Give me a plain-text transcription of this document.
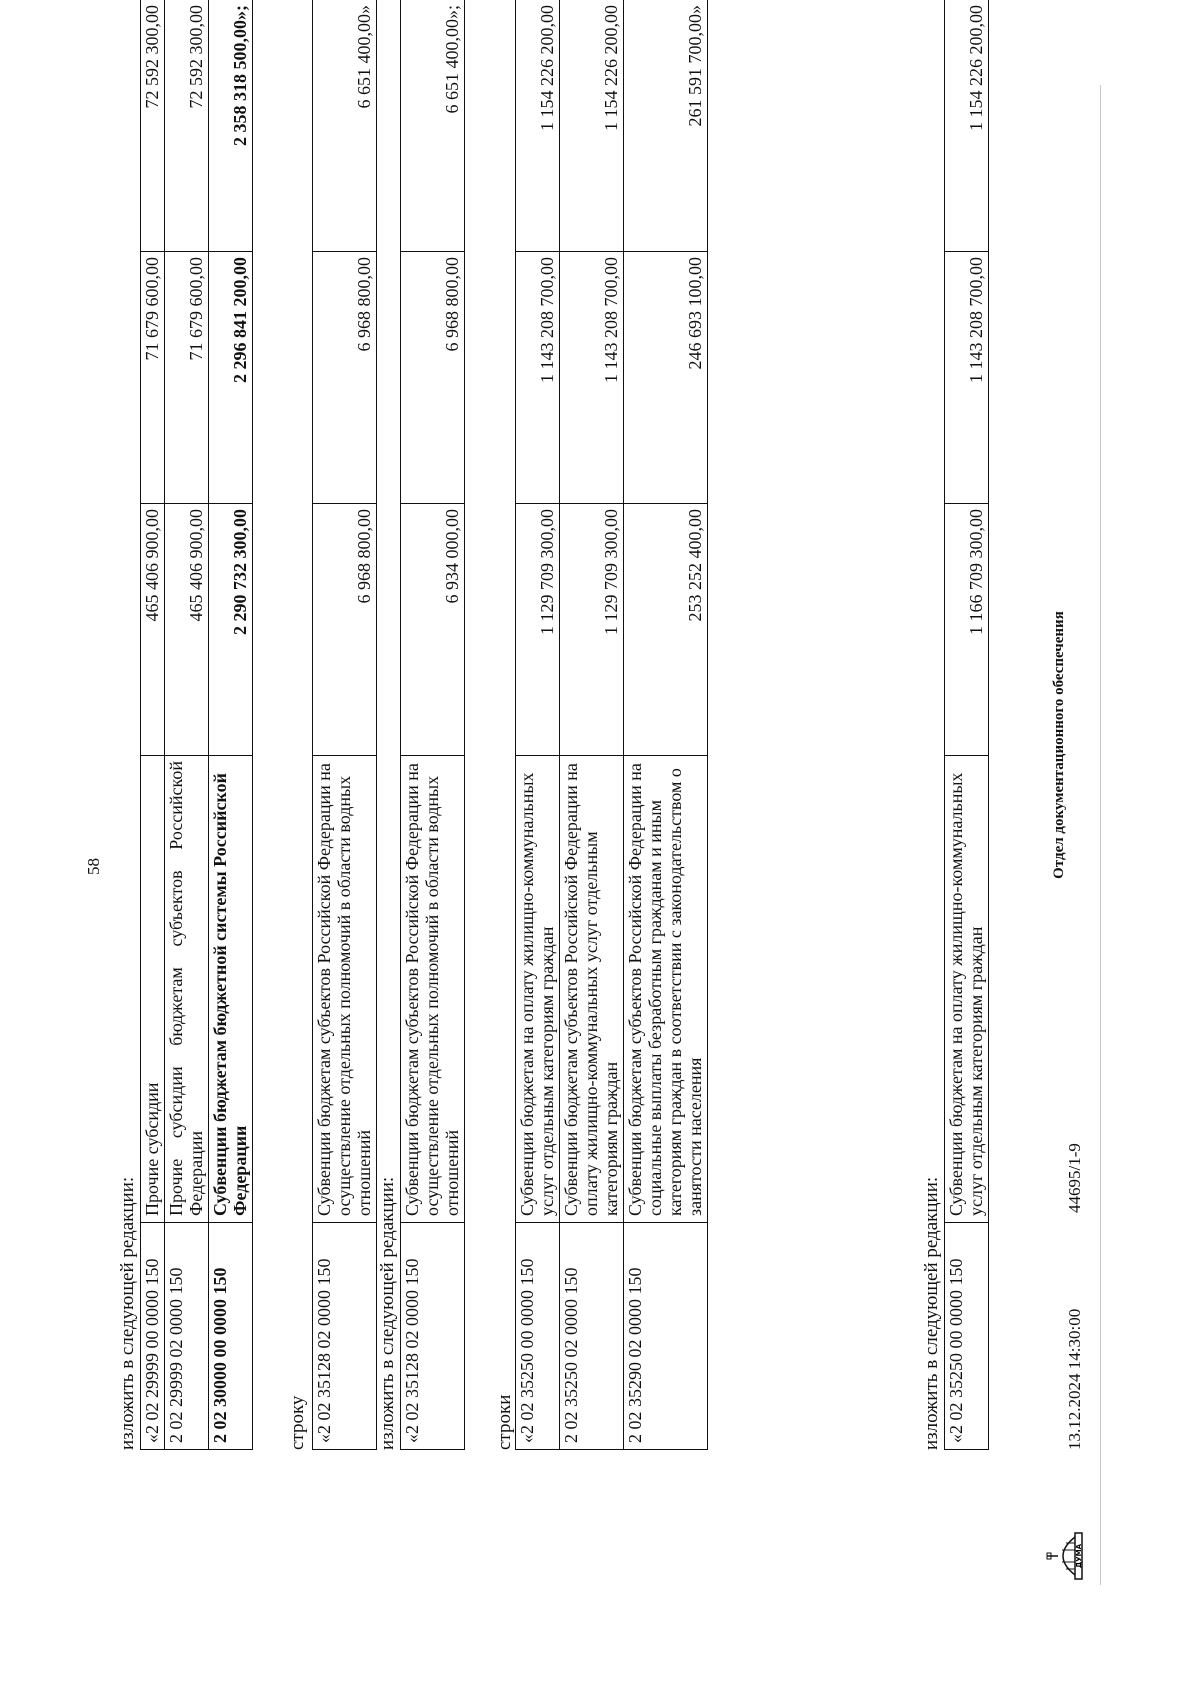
58
изложить в следующей редакции: «2 02 29999 00 0000 150	Прочие субсидии	465 406 900,00	71 679 600,00	72 592 300,00
2 02 29999 02 0000 150	Прочие субсидии бюджетам субъектов Российской Федерации	465 406 900,00	71 679 600,00	72 592 300,00
2 02 30000 00 0000 150	Субвенции бюджетам бюджетной системы Российской Федерации	2 290 732 300,00	2 296 841 200,00	2 358 318 500,00»;
строку «2 02 35128 02 0000 150	Субвенции бюджетам субъектов Российской Федерации на осуществление отдельных полномочий в области водных отношений	6 968 800,00	6 968 800,00	6 651 400,00»
изложить в следующей редакции: «2 02 35128 02 0000 150	Субвенции бюджетам субъектов Российской Федерации на осуществление отдельных полномочий в области водных отношений	6 934 000,00	6 968 800,00	6 651 400,00»;
строки «2 02 35250 00 0000 150	Субвенции бюджетам на оплату жилищно-коммунальных услуг отдельным категориям граждан	1 129 709 300,00	1 143 208 700,00	1 154 226 200,00
2 02 35250 02 0000 150	Субвенции бюджетам субъектов Российской Федерации на оплату жилищно-коммунальных услуг отдельным категориям граждан	1 129 709 300,00	1 143 208 700,00	1 154 226 200,00
2 02 35290 02 0000 150	Субвенции бюджетам субъектов Российской Федерации на социальные выплаты безработным гражданам и иным категориям граждан в соответствии с законодательством о занятости населения	253 252 400,00	246 693 100,00	261 591 700,00»
изложить в следующей редакции: «2 02 35250 00 0000 150	Субвенции бюджетам на оплату жилищно-коммунальных услуг отдельным категориям граждан	1 166 709 300,00	1 143 208 700,00	1 154 226 200,00
ДУМА
13.12.2024 14:30:00
44695/1-9
Отдел документационного обеспечения
